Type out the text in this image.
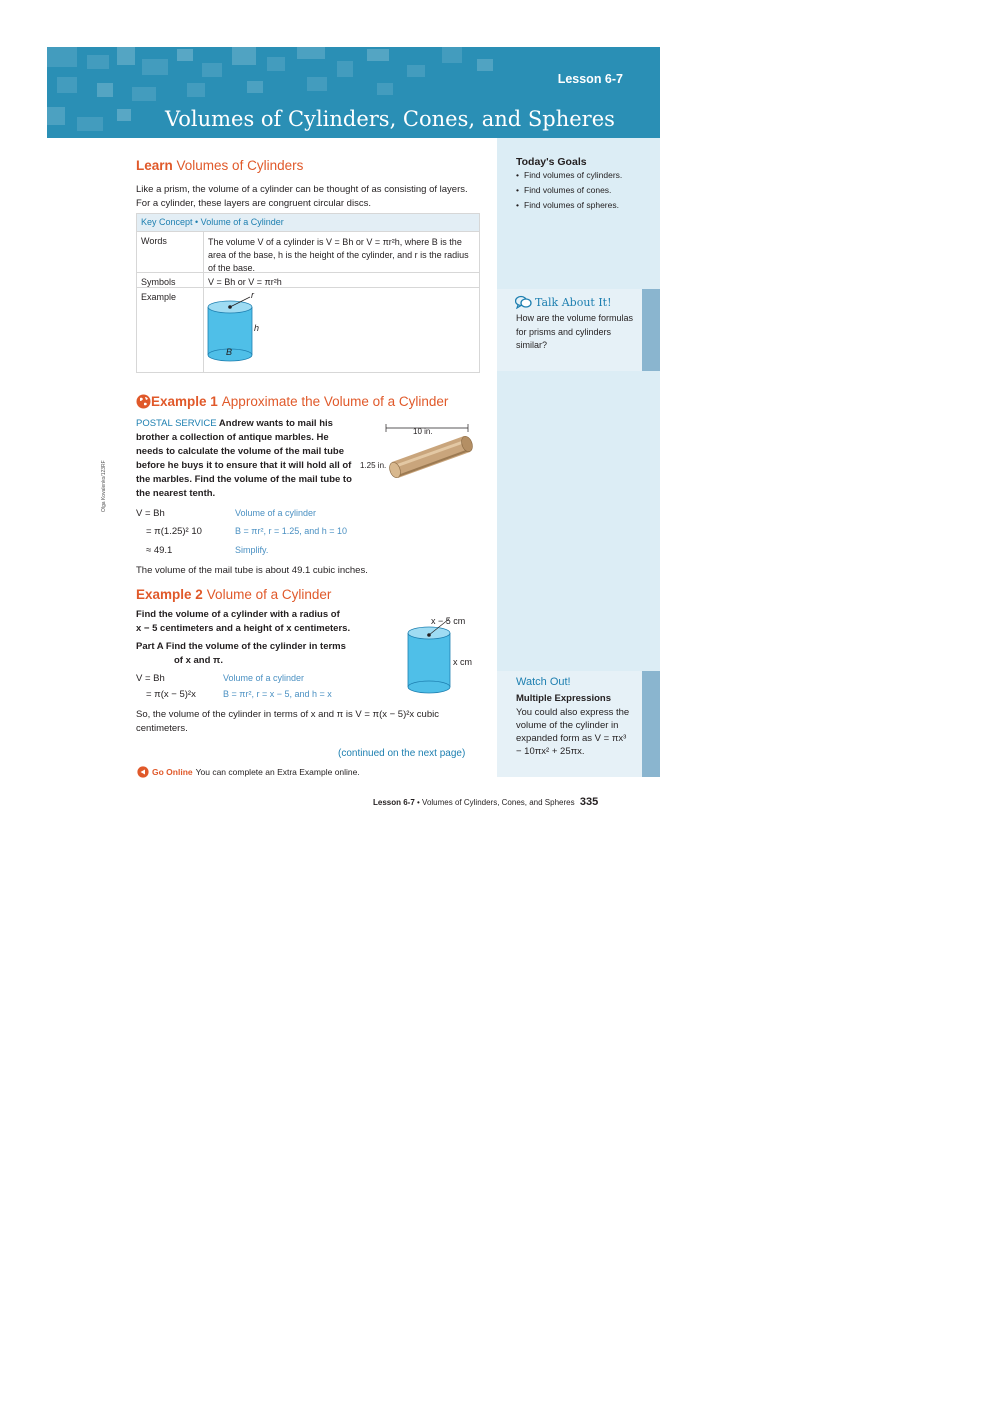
Lesson 6-7
Volumes of Cylinders, Cones, and Spheres
Today's Goals
• Find volumes of cylinders.
• Find volumes of cones.
• Find volumes of spheres.
Talk About It!
How are the volume formulas for prisms and cylinders similar?
Watch Out!
Multiple Expressions
You could also express the volume of the cylinder in expanded form as V = πx³ − 10πx² + 25πx.
Learn Volumes of Cylinders
Like a prism, the volume of a cylinder can be thought of as consisting of layers. For a cylinder, these layers are congruent circular discs.
Key Concept • Volume of a Cylinder
Words	The volume V of a cylinder is V = Bh or V = πr²h, where B is the area of the base, h is the height of the cylinder, and r is the radius of the base.
Symbols	V = Bh or V = πr²h
Example	r
h
B
Example 1 Approximate the Volume of a Cylinder
POSTAL SERVICE Andrew wants to mail his brother a collection of antique marbles. He needs to calculate the volume of the mail tube before he buys it to ensure that it will hold all of the marbles. Find the volume of the mail tube to the nearest tenth.
10 in.
1.25 in.
Olga Kovalenko/123RF
V = Bh	Volume of a cylinder
= π(1.25)² 10	B = πr², r = 1.25, and h = 10
≈ 49.1	Simplify.
The volume of the mail tube is about 49.1 cubic inches.
Example 2 Volume of a Cylinder
Find the volume of a cylinder with a radius of
x − 5 centimeters and a height of x centimeters.
Part A Find the volume of the cylinder in terms
of x and π.
x − 5 cm
x cm
V = Bh	Volume of a cylinder
= π(x − 5)²x	B = πr², r = x − 5, and h = x
So, the volume of the cylinder in terms of x and π is V = π(x − 5)²x cubic centimeters.
(continued on the next page)
Go Online You can complete an Extra Example online.
Lesson 6-7 • Volumes of Cylinders, Cones, and Spheres 335
